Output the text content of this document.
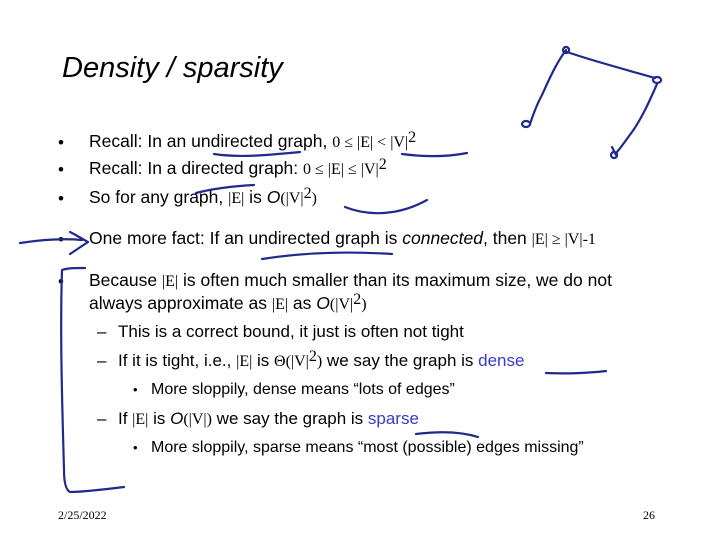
Density / sparsity
• Recall: In an undirected graph, $0 \le |E| < |V|^2$
• Recall: In a directed graph: $0 \le |E| \le |V|^2$
• So for any graph, |E| is $O(|V|^2)$
• One more fact: If an undirected graph is connected, then |E| ≥ |V|-1
• Because |E| is often much smaller than its maximum size, we do not
always approximate as |E| as $O(|V|^2)$
– This is a correct bound, it just is often not tight
– If it is tight, i.e., |E| is $\Theta(|V|^2)$ we say the graph is dense
• More sloppily, dense means “lots of edges”
– If |E| is O(|V|) we say the graph is sparse
• More sloppily, sparse means “most (possible) edges missing”
2/25/2022	26
